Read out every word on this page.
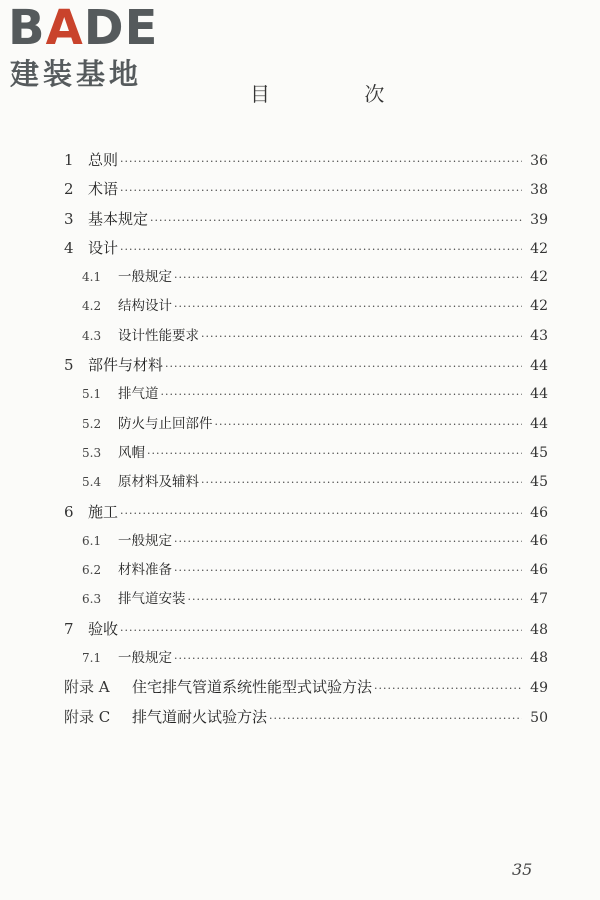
BADE
建装基地
目 次
1 总则 ·····	36
2 术语 ·····	38
3 基本规定 ·····	39
4 设计 ·····	42
4.1	一般规定 ·····	42
4.2	结构设计 ·····	42
4.3	设计性能要求 ·····	43
5 部件与材料 ·····	44
5.1	排气道 ·····	44
5.2	防火与止回部件 ·····	44
5.3	风帽 ·····	45
5.4	原材料及辅料 ·····	45
6 施工 ·····	46
6.1	一般规定 ·····	46
6.2	材料准备 ·····	46
6.3	排气道安装 ·····	47
7 验收 ·····	48
7.1	一般规定 ·····	48
附录 A	住宅排气管道系统性能型式试验方法 ·····	49
附录 C	排气道耐火试验方法 ·····	50
35
